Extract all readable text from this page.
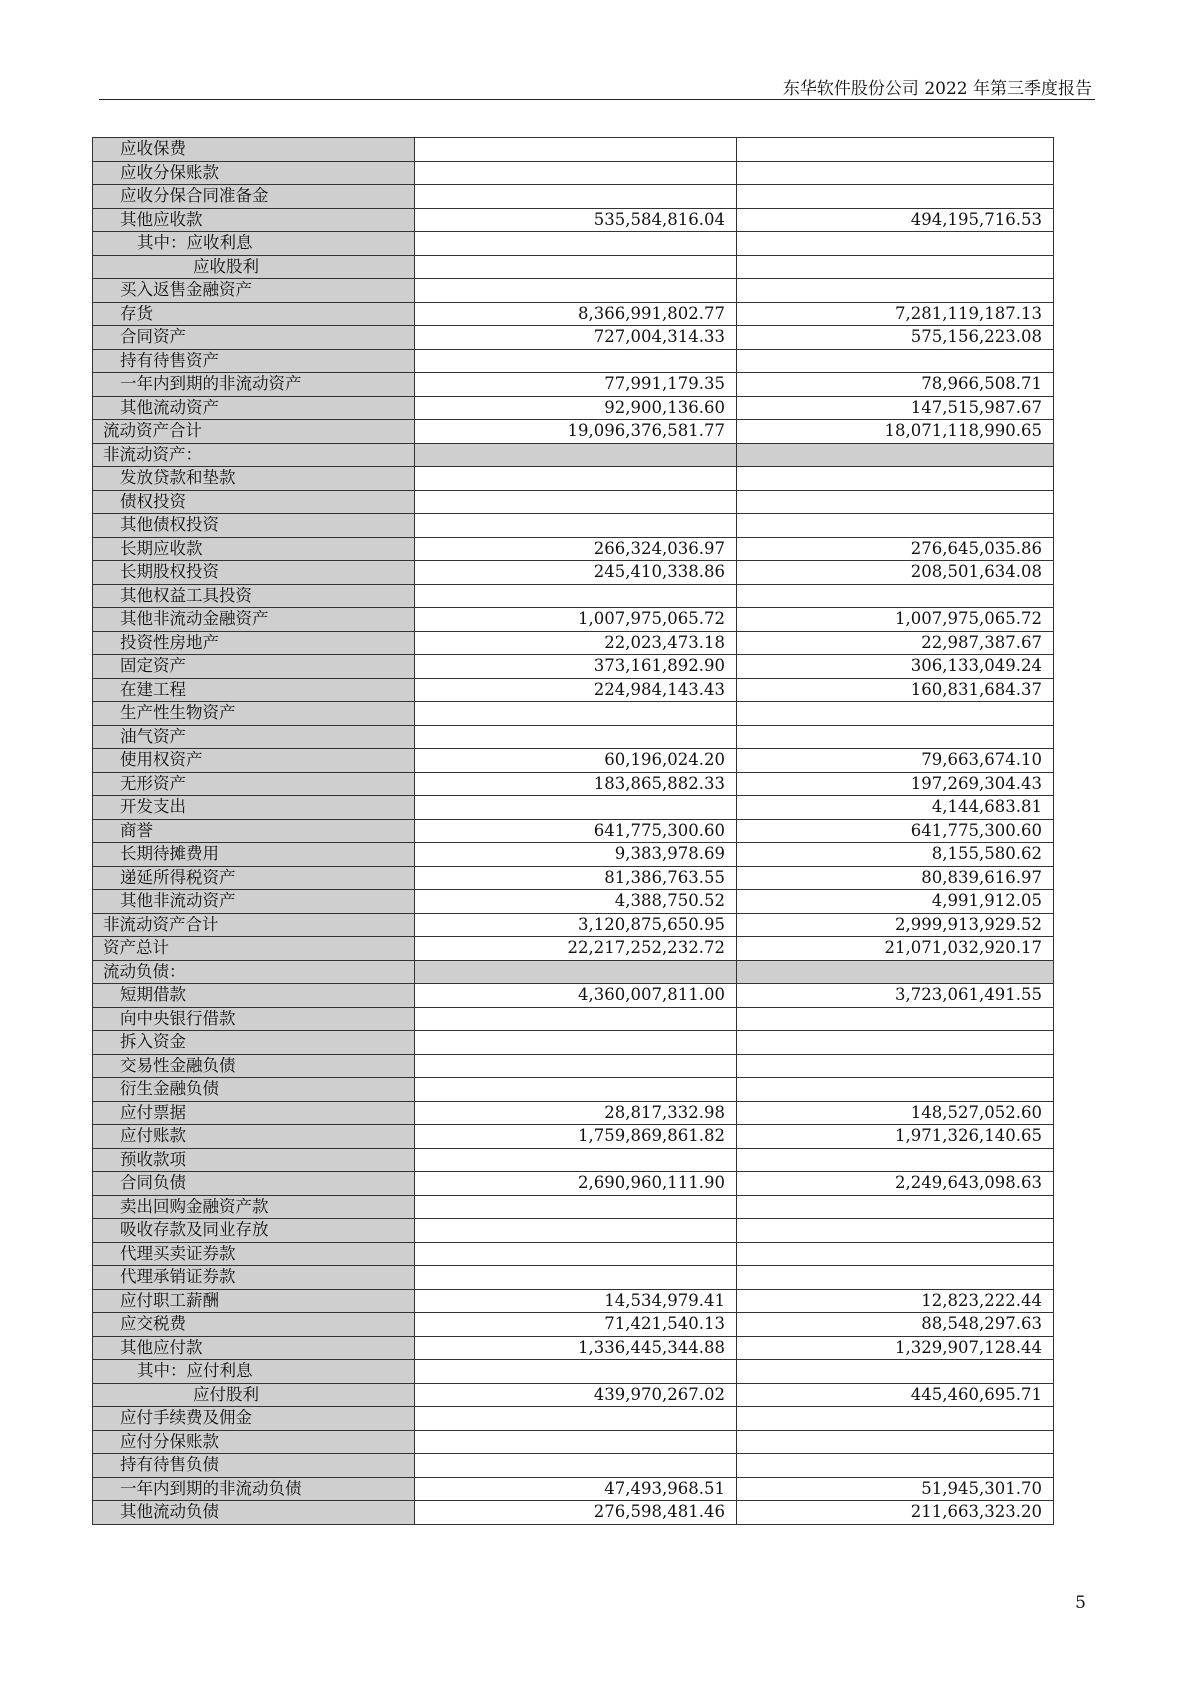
东华软件股份公司 2022 年第三季度报告
应收保费		
应收分保账款		
应收分保合同准备金		
其他应收款	535,584,816.04	494,195,716.53
其中：应收利息		
应收股利		
买入返售金融资产		
存货	8,366,991,802.77	7,281,119,187.13
合同资产	727,004,314.33	575,156,223.08
持有待售资产		
一年内到期的非流动资产	77,991,179.35	78,966,508.71
其他流动资产	92,900,136.60	147,515,987.67
流动资产合计	19,096,376,581.77	18,071,118,990.65
非流动资产：		
发放贷款和垫款		
债权投资		
其他债权投资		
长期应收款	266,324,036.97	276,645,035.86
长期股权投资	245,410,338.86	208,501,634.08
其他权益工具投资		
其他非流动金融资产	1,007,975,065.72	1,007,975,065.72
投资性房地产	22,023,473.18	22,987,387.67
固定资产	373,161,892.90	306,133,049.24
在建工程	224,984,143.43	160,831,684.37
生产性生物资产		
油气资产		
使用权资产	60,196,024.20	79,663,674.10
无形资产	183,865,882.33	197,269,304.43
开发支出		4,144,683.81
商誉	641,775,300.60	641,775,300.60
长期待摊费用	9,383,978.69	8,155,580.62
递延所得税资产	81,386,763.55	80,839,616.97
其他非流动资产	4,388,750.52	4,991,912.05
非流动资产合计	3,120,875,650.95	2,999,913,929.52
资产总计	22,217,252,232.72	21,071,032,920.17
流动负债：		
短期借款	4,360,007,811.00	3,723,061,491.55
向中央银行借款		
拆入资金		
交易性金融负债		
衍生金融负债		
应付票据	28,817,332.98	148,527,052.60
应付账款	1,759,869,861.82	1,971,326,140.65
预收款项		
合同负债	2,690,960,111.90	2,249,643,098.63
卖出回购金融资产款		
吸收存款及同业存放		
代理买卖证券款		
代理承销证券款		
应付职工薪酬	14,534,979.41	12,823,222.44
应交税费	71,421,540.13	88,548,297.63
其他应付款	1,336,445,344.88	1,329,907,128.44
其中：应付利息		
应付股利	439,970,267.02	445,460,695.71
应付手续费及佣金		
应付分保账款		
持有待售负债		
一年内到期的非流动负债	47,493,968.51	51,945,301.70
其他流动负债	276,598,481.46	211,663,323.20
5
